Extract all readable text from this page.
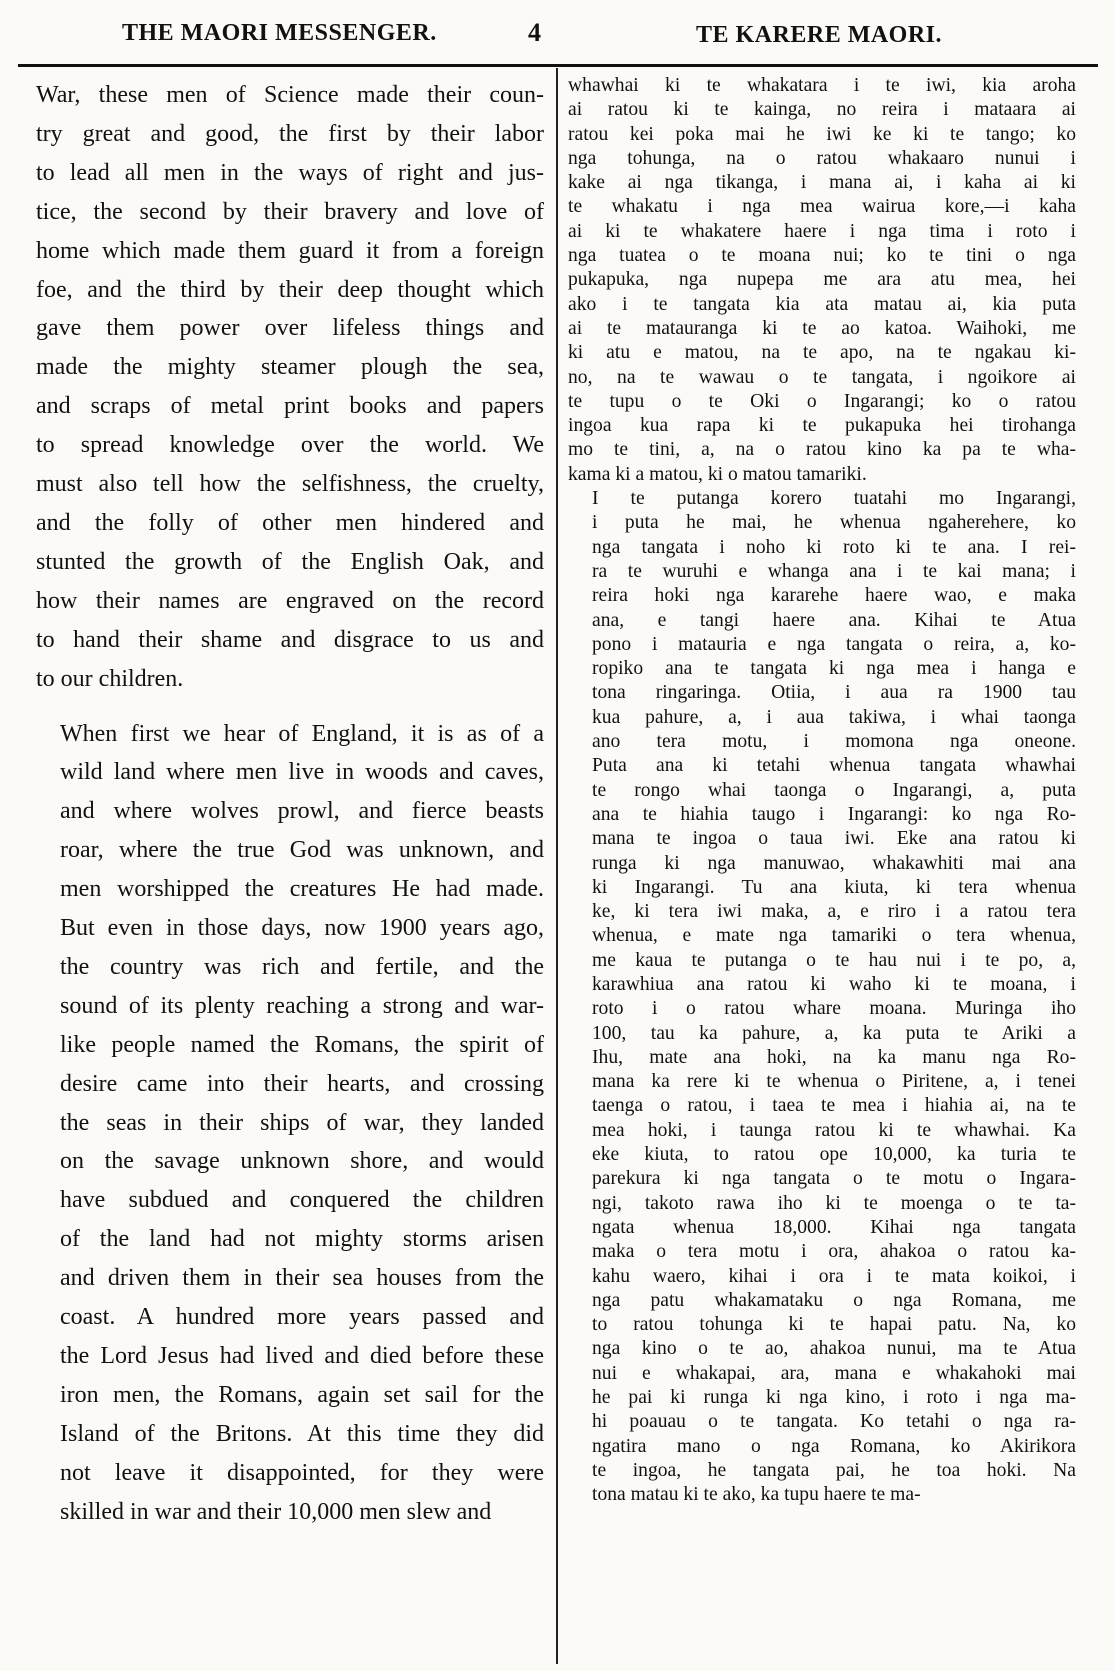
THE MAORI MESSENGER.	4	TE KARERE MAORI.

War, these men of Science made their coun-
try great and good, the first by their labor
to lead all men in the ways of right and jus-
tice, the second by their bravery and love of
home which made them guard it from a foreign
foe, and the third by their deep thought which
gave them power over lifeless things and
made the mighty steamer plough the sea,
and scraps of metal print books and papers
to spread knowledge over the world. We
must also tell how the selfishness, the cruelty,
and the folly of other men hindered and
stunted the growth of the English Oak, and
how their names are engraved on the record
to hand their shame and disgrace to us and
to our children.

When first we hear of England, it is as of a
wild land where men live in woods and caves,
and where wolves prowl, and fierce beasts
roar, where the true God was unknown, and
men worshipped the creatures He had made.
But even in those days, now 1900 years ago,
the country was rich and fertile, and the
sound of its plenty reaching a strong and war-
like people named the Romans, the spirit of
desire came into their hearts, and crossing
the seas in their ships of war, they landed
on the savage unknown shore, and would
have subdued and conquered the children
of the land had not mighty storms arisen
and driven them in their sea houses from the
coast. A hundred more years passed and
the Lord Jesus had lived and died before these
iron men, the Romans, again set sail for the
Island of the Britons. At this time they did
not leave it disappointed, for they were
skilled in war and their 10,000 men slew and

whawhai ki te whakatara i te iwi, kia aroha
ai ratou ki te kainga, no reira i mataara ai
ratou kei poka mai he iwi ke ki te tango; ko
nga tohunga, na o ratou whakaaro nunui i
kake ai nga tikanga, i mana ai, i kaha ai ki
te whakatu i nga mea wairua kore,—i kaha
ai ki te whakatere haere i nga tima i roto i
nga tuatea o te moana nui; ko te tini o nga
pukapuka, nga nupepa me ara atu mea, hei
ako i te tangata kia ata matau ai, kia puta
ai te matauranga ki te ao katoa. Waihoki, me
ki atu e matou, na te apo, na te ngakau ki-
no, na te wawau o te tangata, i ngoikore ai
te tupu o te Oki o Ingarangi; ko o ratou
ingoa kua rapa ki te pukapuka hei tirohanga
mo te tini, a, na o ratou kino ka pa te wha-
kama ki a matou, ki o matou tamariki.

I te putanga korero tuatahi mo Ingarangi,
i puta he mai, he whenua ngaherehere, ko
nga tangata i noho ki roto ki te ana. I rei-
ra te wuruhi e whanga ana i te kai mana; i
reira hoki nga kararehe haere wao, e maka
ana, e tangi haere ana. Kihai te Atua
pono i matauria e nga tangata o reira, a, ko-
ropiko ana te tangata ki nga mea i hanga e
tona ringaringa. Otiia, i aua ra 1900 tau
kua pahure, a, i aua takiwa, i whai taonga
ano tera motu, i momona nga oneone.
Puta ana ki tetahi whenua tangata whawhai
te rongo whai taonga o Ingarangi, a, puta
ana te hiahia taugo i Ingarangi: ko nga Ro-
mana te ingoa o taua iwi. Eke ana ratou ki
runga ki nga manuwao, whakawhiti mai ana
ki Ingarangi. Tu ana kiuta, ki tera whenua
ke, ki tera iwi maka, a, e riro i a ratou tera
whenua, e mate nga tamariki o tera whenua,
me kaua te putanga o te hau nui i te po, a,
karawhiua ana ratou ki waho ki te moana, i
roto i o ratou whare moana. Muringa iho
100, tau ka pahure, a, ka puta te Ariki a
Ihu, mate ana hoki, na ka manu nga Ro-
mana ka rere ki te whenua o Piritene, a, i tenei
taenga o ratou, i taea te mea i hiahia ai, na te
mea hoki, i taunga ratou ki te whawhai. Ka
eke kiuta, to ratou ope 10,000, ka turia te
parekura ki nga tangata o te motu o Ingara-
ngi, takoto rawa iho ki te moenga o te ta-
ngata whenua 18,000. Kihai nga tangata
maka o tera motu i ora, ahakoa o ratou ka-
kahu waero, kihai i ora i te mata koikoi, i
nga patu whakamataku o nga Romana, me
to ratou tohunga ki te hapai patu. Na, ko
nga kino o te ao, ahakoa nunui, ma te Atua
nui e whakapai, ara, mana e whakahoki mai
he pai ki runga ki nga kino, i roto i nga ma-
hi poauau o te tangata. Ko tetahi o nga ra-
ngatira mano o nga Romana, ko Akirikora
te ingoa, he tangata pai, he toa hoki. Na
tona matau ki te ako, ka tupu haere te ma-
